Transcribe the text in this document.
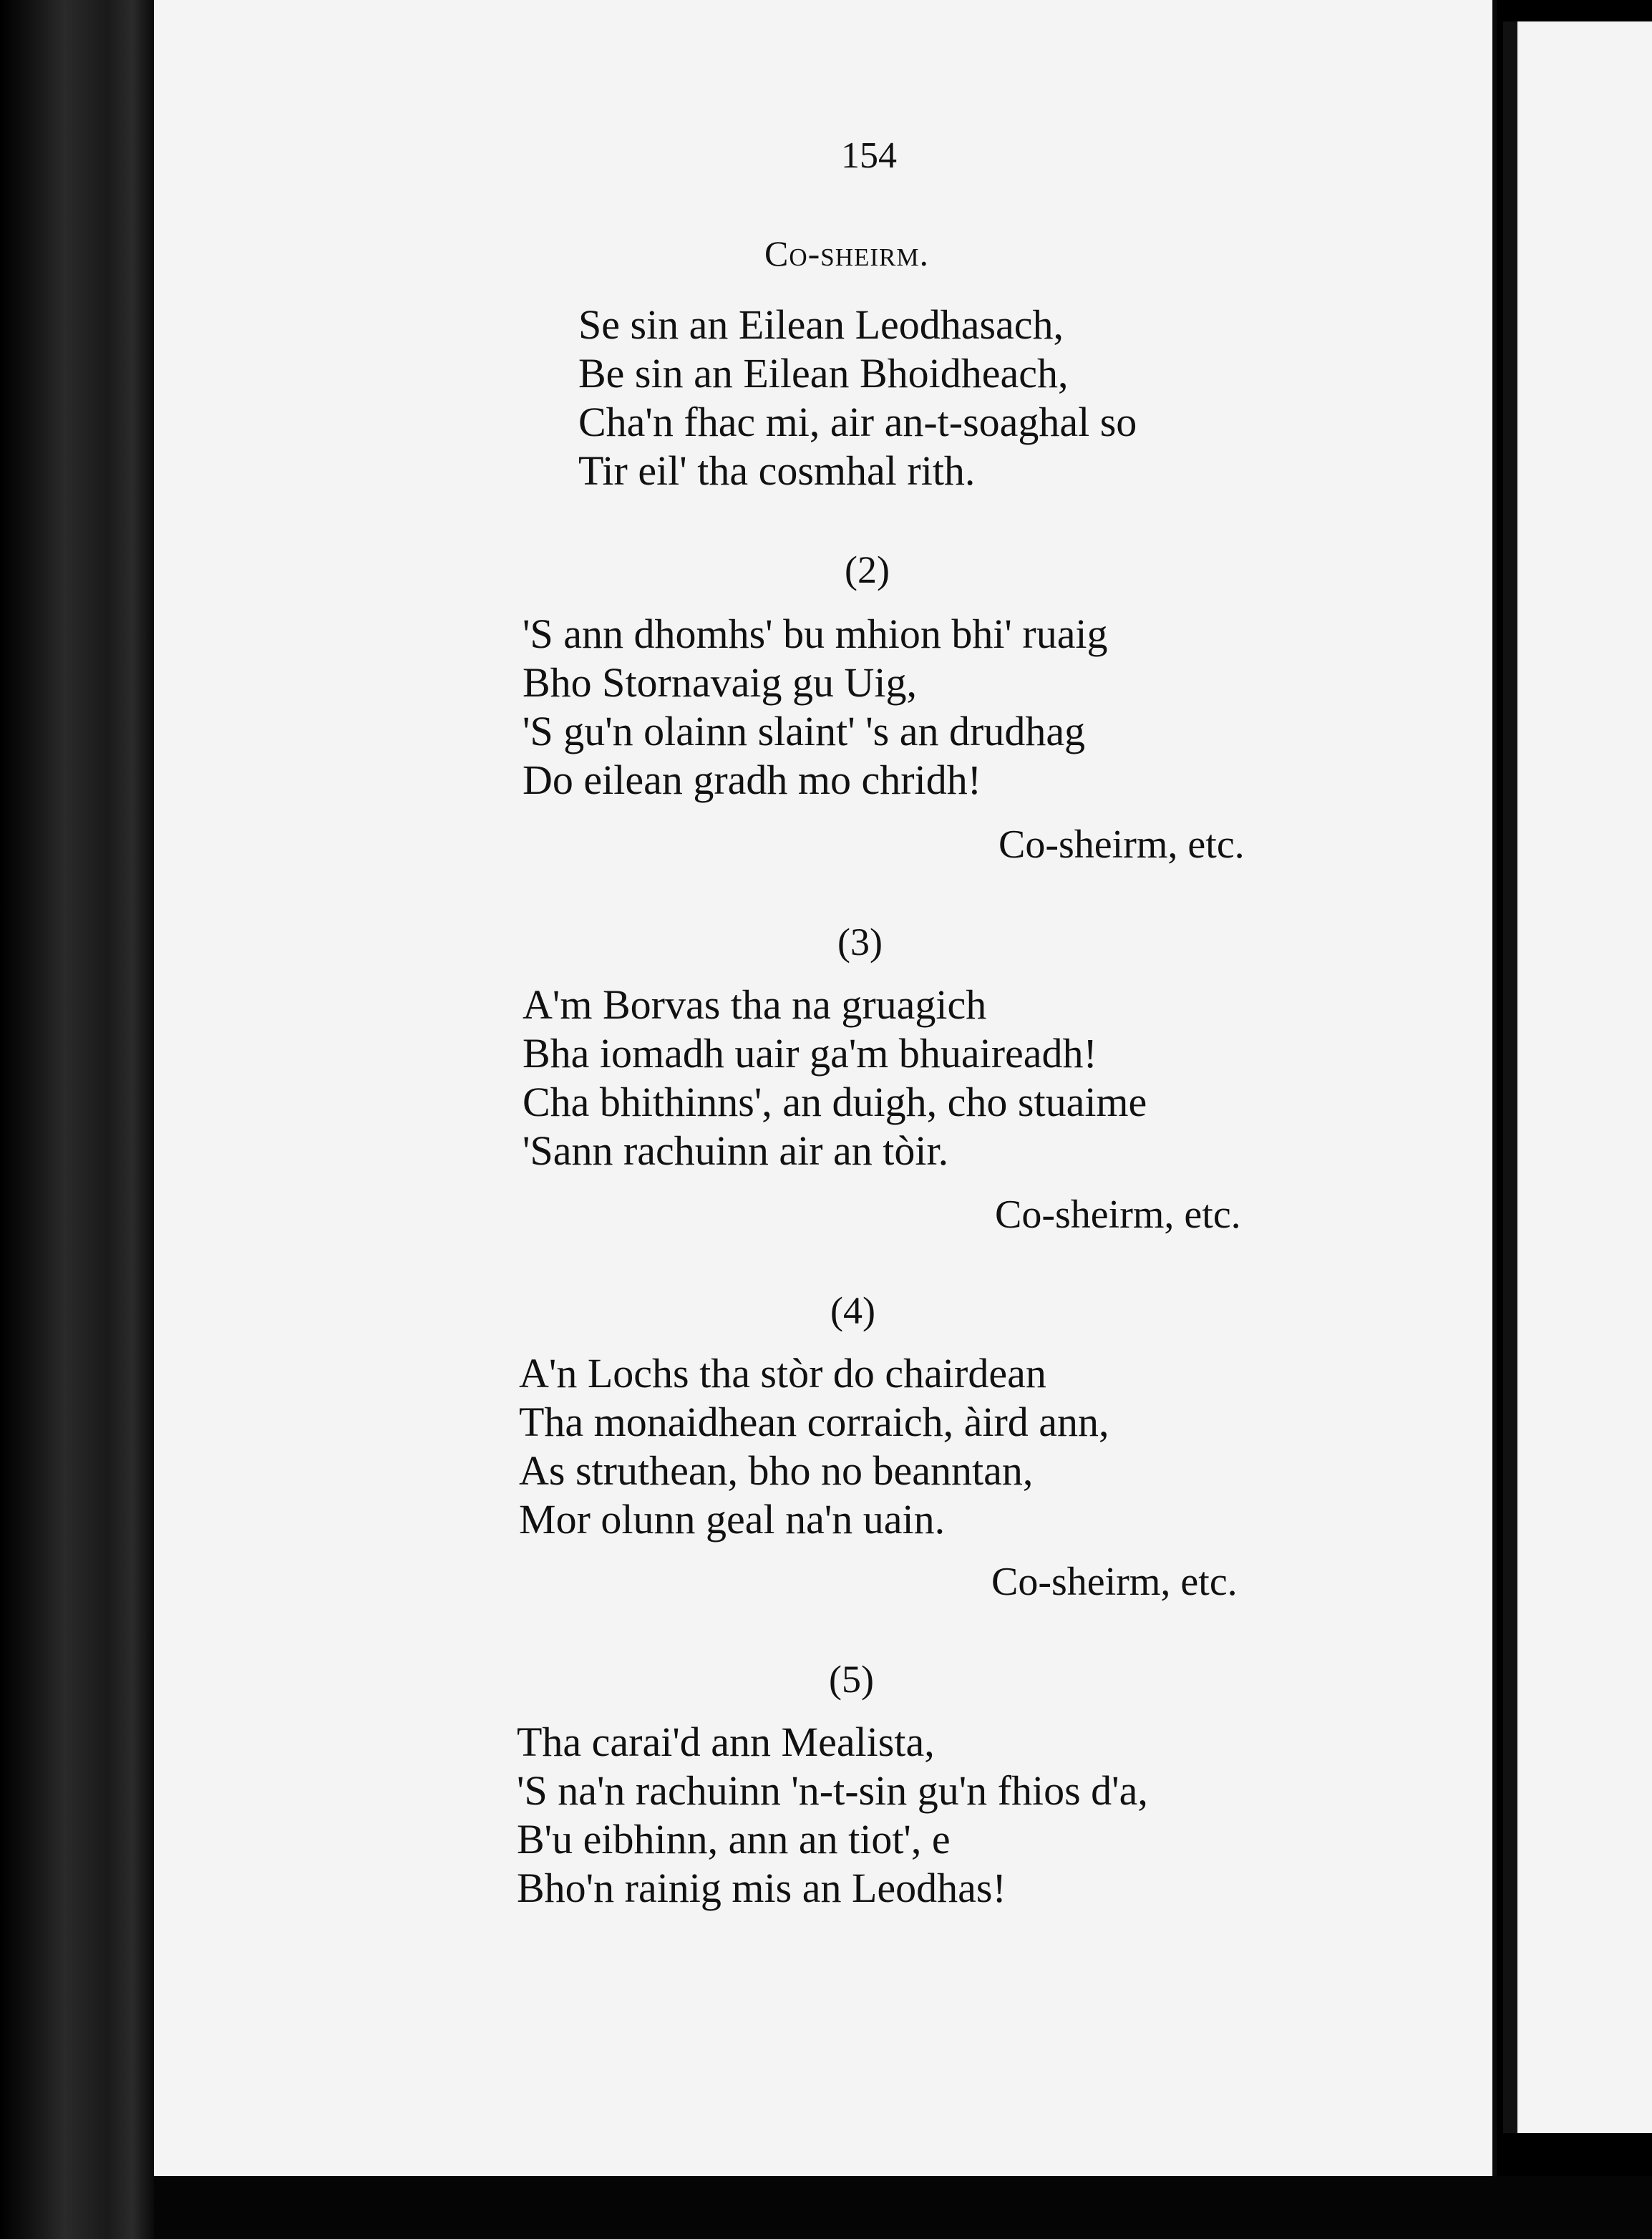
154
Co-sheirm.
Se sin an Eilean Leodhasach,
Be sin an Eilean Bhoidheach,
Cha'n fhac mi, air an-t-soaghal so
Tir eil' tha cosmhal rith.
(2)
'S ann dhomhs' bu mhion bhi' ruaig
Bho Stornavaig gu Uig,
'S gu'n olainn slaint' 's an drudhag
Do eilean gradh mo chridh!
Co-sheirm, etc.
(3)
A'm Borvas tha na gruagich
Bha iomadh uair ga'm bhuaireadh!
Cha bhithinns', an duigh, cho stuaime
'Sann rachuinn air an tòir.
Co-sheirm, etc.
(4)
A'n Lochs tha stòr do chairdean
Tha monaidhean corraich, àird ann,
As struthean, bho no beanntan,
Mor olunn geal na'n uain.
Co-sheirm, etc.
(5)
Tha carai'd ann Mealista,
'S na'n rachuinn 'n-t-sin gu'n fhios d'a,
B'u eibhinn, ann an tiot', e
Bho'n rainig mis an Leodhas!
